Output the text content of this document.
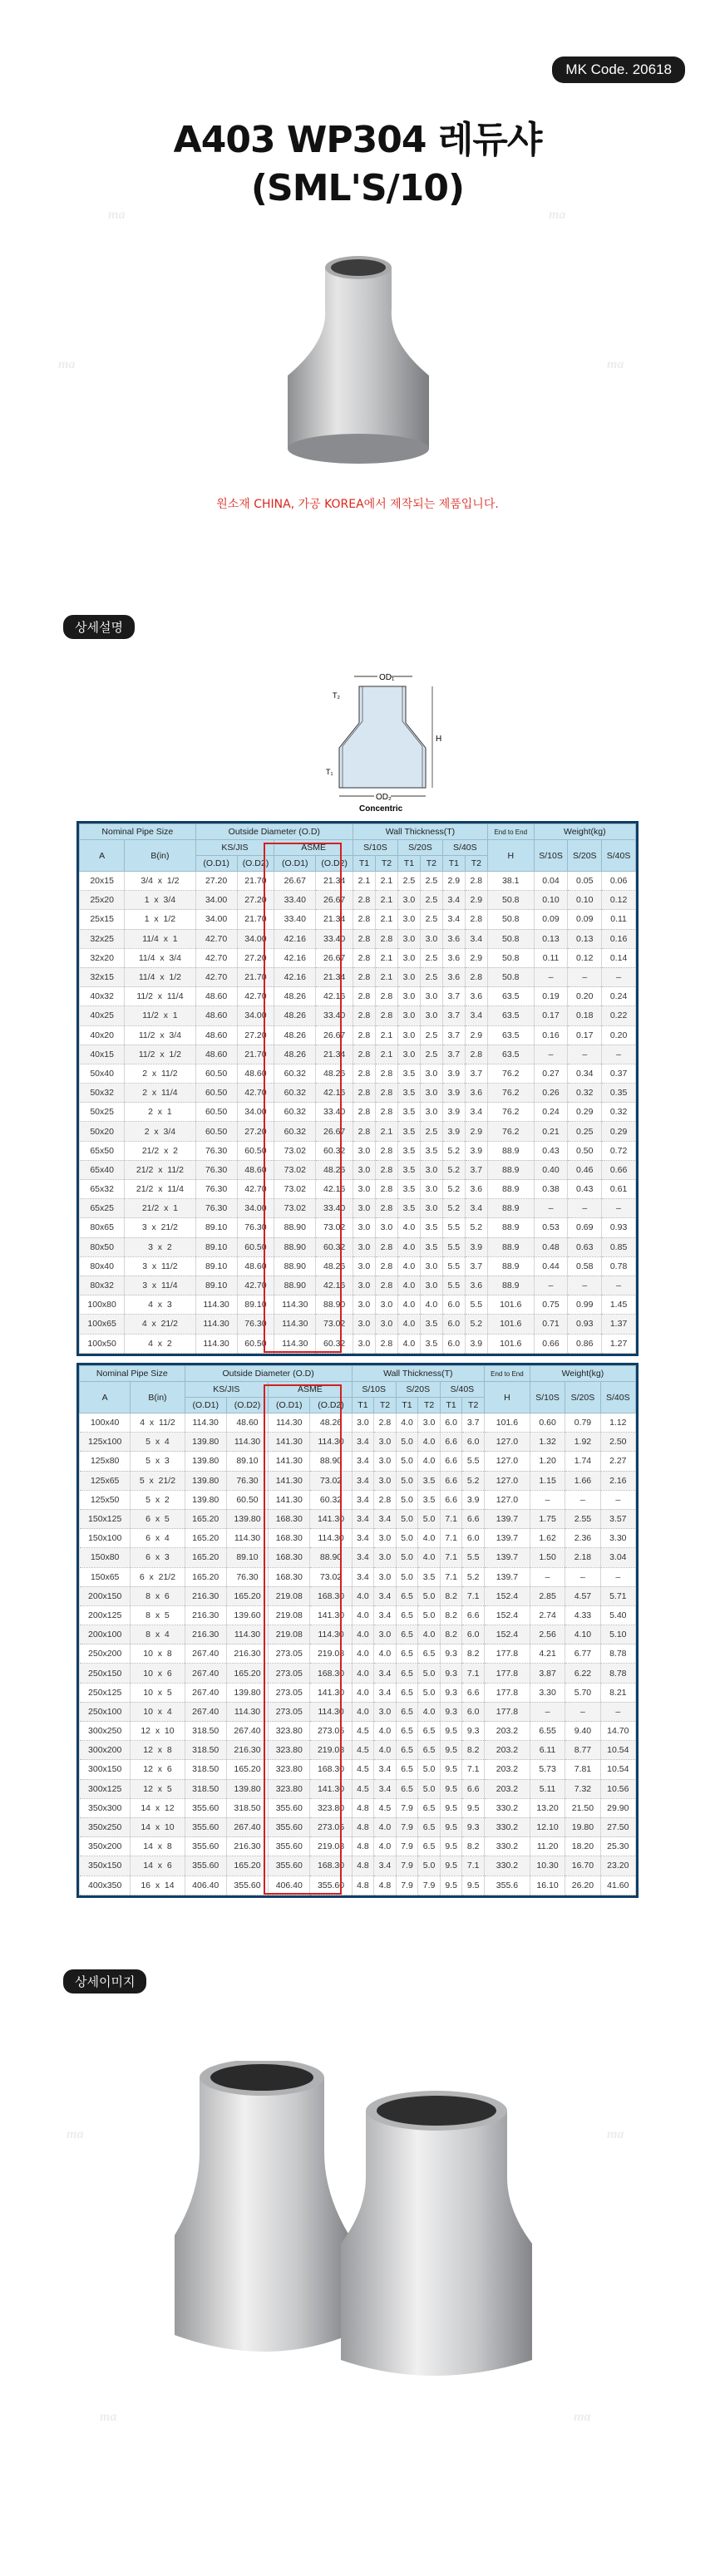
MK Code. 20618
A403 WP304 레듀샤
(SML'S/10)
원소재 CHINA, 가공 KOREA에서 제작되는 제품입니다.
상세설명
OD₁
T₂
H
T₁
OD₂
Concentric
Nominal Pipe Size		Outside Diameter (O.D)				Wall Thickness(T)						End to End	Weight(kg)		
A	B(in)	KS/JIS		ASME		S/10S		S/20S		S/40S		H	S/10S	S/20S	S/40S
		(O.D1)	(O.D2)	(O.D1)	(O.D2)	T1	T2	T1	T2	T1	T2				
20x15	3/4  x  1/2	27.20	21.70	26.67	21.34	2.1	2.1	2.5	2.5	2.9	2.8	38.1	0.04	0.05	0.06
25x20	1  x  3/4	34.00	27.20	33.40	26.67	2.8	2.1	3.0	2.5	3.4	2.9	50.8	0.10	0.10	0.12
25x15	1  x  1/2	34.00	21.70	33.40	21.34	2.8	2.1	3.0	2.5	3.4	2.8	50.8	0.09	0.09	0.11
32x25	11/4  x  1	42.70	34.00	42.16	33.40	2.8	2.8	3.0	3.0	3.6	3.4	50.8	0.13	0.13	0.16
32x20	11/4  x  3/4	42.70	27.20	42.16	26.67	2.8	2.1	3.0	2.5	3.6	2.9	50.8	0.11	0.12	0.14
32x15	11/4  x  1/2	42.70	21.70	42.16	21.34	2.8	2.1	3.0	2.5	3.6	2.8	50.8	–	–	–
40x32	11/2  x  11/4	48.60	42.70	48.26	42.16	2.8	2.8	3.0	3.0	3.7	3.6	63.5	0.19	0.20	0.24
40x25	11/2  x  1	48.60	34.00	48.26	33.40	2.8	2.8	3.0	3.0	3.7	3.4	63.5	0.17	0.18	0.22
40x20	11/2  x  3/4	48.60	27.20	48.26	26.67	2.8	2.1	3.0	2.5	3.7	2.9	63.5	0.16	0.17	0.20
40x15	11/2  x  1/2	48.60	21.70	48.26	21.34	2.8	2.1	3.0	2.5	3.7	2.8	63.5	–	–	–
50x40	2  x  11/2	60.50	48.60	60.32	48.26	2.8	2.8	3.5	3.0	3.9	3.7	76.2	0.27	0.34	0.37
50x32	2  x  11/4	60.50	42.70	60.32	42.16	2.8	2.8	3.5	3.0	3.9	3.6	76.2	0.26	0.32	0.35
50x25	2  x  1	60.50	34.00	60.32	33.40	2.8	2.8	3.5	3.0	3.9	3.4	76.2	0.24	0.29	0.32
50x20	2  x  3/4	60.50	27.20	60.32	26.67	2.8	2.1	3.5	2.5	3.9	2.9	76.2	0.21	0.25	0.29
65x50	21/2  x  2	76.30	60.50	73.02	60.32	3.0	2.8	3.5	3.5	5.2	3.9	88.9	0.43	0.50	0.72
65x40	21/2  x  11/2	76.30	48.60	73.02	48.26	3.0	2.8	3.5	3.0	5.2	3.7	88.9	0.40	0.46	0.66
65x32	21/2  x  11/4	76.30	42.70	73.02	42.16	3.0	2.8	3.5	3.0	5.2	3.6	88.9	0.38	0.43	0.61
65x25	21/2  x  1	76.30	34.00	73.02	33.40	3.0	2.8	3.5	3.0	5.2	3.4	88.9	–	–	–
80x65	3  x  21/2	89.10	76.30	88.90	73.02	3.0	3.0	4.0	3.5	5.5	5.2	88.9	0.53	0.69	0.93
80x50	3  x  2	89.10	60.50	88.90	60.32	3.0	2.8	4.0	3.5	5.5	3.9	88.9	0.48	0.63	0.85
80x40	3  x  11/2	89.10	48.60	88.90	48.26	3.0	2.8	4.0	3.0	5.5	3.7	88.9	0.44	0.58	0.78
80x32	3  x  11/4	89.10	42.70	88.90	42.16	3.0	2.8	4.0	3.0	5.5	3.6	88.9	–	–	–
100x80	4  x  3	114.30	89.10	114.30	88.90	3.0	3.0	4.0	4.0	6.0	5.5	101.6	0.75	0.99	1.45
100x65	4  x  21/2	114.30	76.30	114.30	73.02	3.0	3.0	4.0	3.5	6.0	5.2	101.6	0.71	0.93	1.37
100x50	4  x  2	114.30	60.50	114.30	60.32	3.0	2.8	4.0	3.5	6.0	3.9	101.6	0.66	0.86	1.27
Nominal Pipe Size		Outside Diameter (O.D)				Wall Thickness(T)						End to End	Weight(kg)		
A	B(in)	KS/JIS		ASME		S/10S		S/20S		S/40S		H	S/10S	S/20S	S/40S
		(O.D1)	(O.D2)	(O.D1)	(O.D2)	T1	T2	T1	T2	T1	T2				
100x40	4  x  11/2	114.30	48.60	114.30	48.26	3.0	2.8	4.0	3.0	6.0	3.7	101.6	0.60	0.79	1.12
125x100	5  x  4	139.80	114.30	141.30	114.30	3.4	3.0	5.0	4.0	6.6	6.0	127.0	1.32	1.92	2.50
125x80	5  x  3	139.80	89.10	141.30	88.90	3.4	3.0	5.0	4.0	6.6	5.5	127.0	1.20	1.74	2.27
125x65	5  x  21/2	139.80	76.30	141.30	73.02	3.4	3.0	5.0	3.5	6.6	5.2	127.0	1.15	1.66	2.16
125x50	5  x  2	139.80	60.50	141.30	60.32	3.4	2.8	5.0	3.5	6.6	3.9	127.0	–	–	–
150x125	6  x  5	165.20	139.80	168.30	141.30	3.4	3.4	5.0	5.0	7.1	6.6	139.7	1.75	2.55	3.57
150x100	6  x  4	165.20	114.30	168.30	114.30	3.4	3.0	5.0	4.0	7.1	6.0	139.7	1.62	2.36	3.30
150x80	6  x  3	165.20	89.10	168.30	88.90	3.4	3.0	5.0	4.0	7.1	5.5	139.7	1.50	2.18	3.04
150x65	6  x  21/2	165.20	76.30	168.30	73.02	3.4	3.0	5.0	3.5	7.1	5.2	139.7	–	–	–
200x150	8  x  6	216.30	165.20	219.08	168.30	4.0	3.4	6.5	5.0	8.2	7.1	152.4	2.85	4.57	5.71
200x125	8  x  5	216.30	139.60	219.08	141.30	4.0	3.4	6.5	5.0	8.2	6.6	152.4	2.74	4.33	5.40
200x100	8  x  4	216.30	114.30	219.08	114.30	4.0	3.0	6.5	4.0	8.2	6.0	152.4	2.56	4.10	5.10
250x200	10  x  8	267.40	216.30	273.05	219.08	4.0	4.0	6.5	6.5	9.3	8.2	177.8	4.21	6.77	8.78
250x150	10  x  6	267.40	165.20	273.05	168.30	4.0	3.4	6.5	5.0	9.3	7.1	177.8	3.87	6.22	8.78
250x125	10  x  5	267.40	139.80	273.05	141.30	4.0	3.4	6.5	5.0	9.3	6.6	177.8	3.30	5.70	8.21
250x100	10  x  4	267.40	114.30	273.05	114.30	4.0	3.0	6.5	4.0	9.3	6.0	177.8	–	–	–
300x250	12  x  10	318.50	267.40	323.80	273.05	4.5	4.0	6.5	6.5	9.5	9.3	203.2	6.55	9.40	14.70
300x200	12  x  8	318.50	216.30	323.80	219.08	4.5	4.0	6.5	6.5	9.5	8.2	203.2	6.11	8.77	10.54
300x150	12  x  6	318.50	165.20	323.80	168.30	4.5	3.4	6.5	5.0	9.5	7.1	203.2	5.73	7.81	10.54
300x125	12  x  5	318.50	139.80	323.80	141.30	4.5	3.4	6.5	5.0	9.5	6.6	203.2	5.11	7.32	10.56
350x300	14  x  12	355.60	318.50	355.60	323.80	4.8	4.5	7.9	6.5	9.5	9.5	330.2	13.20	21.50	29.90
350x250	14  x  10	355.60	267.40	355.60	273.05	4.8	4.0	7.9	6.5	9.5	9.3	330.2	12.10	19.80	27.50
350x200	14  x  8	355.60	216.30	355.60	219.08	4.8	4.0	7.9	6.5	9.5	8.2	330.2	11.20	18.20	25.30
350x150	14  x  6	355.60	165.20	355.60	168.30	4.8	3.4	7.9	5.0	9.5	7.1	330.2	10.30	16.70	23.20
400x350	16  x  14	406.40	355.60	406.40	355.60	4.8	4.8	7.9	7.9	9.5	9.5	355.6	16.10	26.20	41.60
상세이미지
ma	ma
ma	ma
ma	ma
ma	ma
